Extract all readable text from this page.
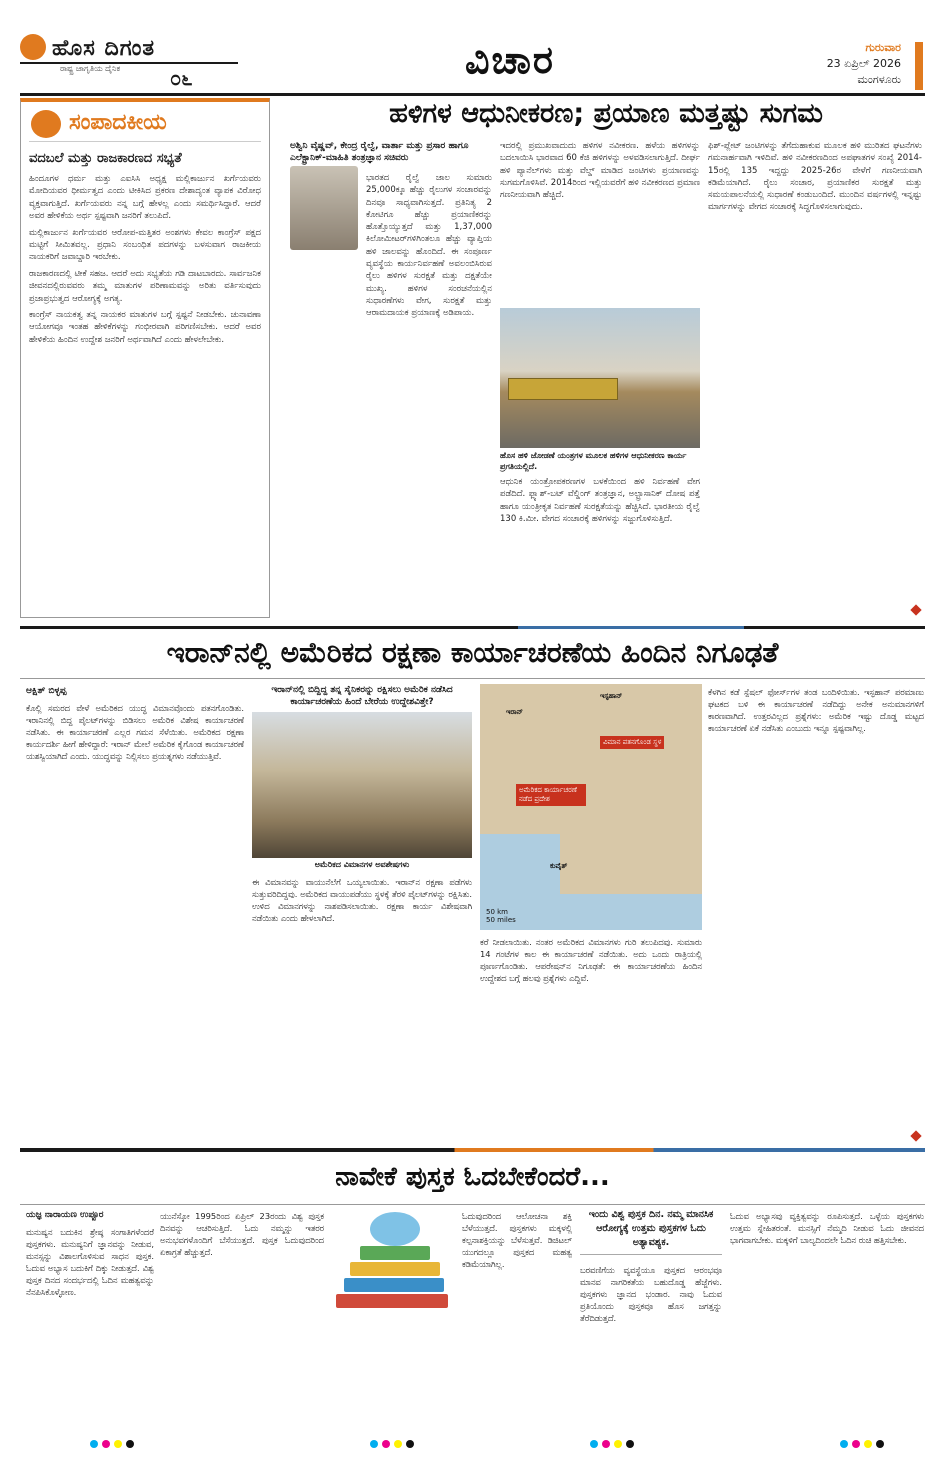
ಹೊಸ ದಿಗಂತ
ರಾಷ್ಟ್ರ ಜಾಗೃತಿಯ ದೈನಿಕ ೦೬	ವಿಚಾರ	ಗುರುವಾರ
23 ಏಪ್ರಿಲ್ 2026
ಮಂಗಳೂರು
ಸಂಪಾದಕೀಯ
ವದಬಲೆ ಮತ್ತು ರಾಜಕಾರಣದ ಸಭ್ಯತೆ

ಹಿಂದೂಗಳ ಧರ್ಮ ಮತ್ತು ಎಐಸಿಸಿ ಅಧ್ಯಕ್ಷ ಮಲ್ಲಿಕಾರ್ಜುನ ಖರ್ಗೆಯವರು ಮೋದಿಯವರ ಧೀರ್ಮತ್ವದ ಎಂದು ಟೀಕಿಸಿದ ಪ್ರಕರಣ ದೇಶಾದ್ಯಂತ ವ್ಯಾಪಕ ವಿರೋಧ ವ್ಯಕ್ತವಾಗುತ್ತಿದೆ. ಖರ್ಗೆಯವರು ನನ್ನ ಬಗ್ಗೆ ಹೇಳಲ್ಲ ಎಂದು ಸಮರ್ಥಿಸಿದ್ದಾರೆ. ಆದರೆ ಅವರ ಹೇಳಿಕೆಯ ಅರ್ಥ ಸ್ಪಷ್ಟವಾಗಿ ಜನರಿಗೆ ತಲುಪಿದೆ.

ಮಲ್ಲಿಕಾರ್ಜುನ ಖರ್ಗೆಯವರ ಆರೋಪ-ಮತ್ತಿತರ ಅಂಶಗಳು ಕೇವಲ ಕಾಂಗ್ರೆಸ್ ಪಕ್ಷದ ಮಟ್ಟಿಗೆ ಸೀಮಿತವಲ್ಲ. ಪ್ರಧಾನಿ ಸಂಬಂಧಿತ ಪದಗಳನ್ನು ಬಳಸುವಾಗ ರಾಜಕೀಯ ನಾಯಕರಿಗೆ ಜವಾಬ್ದಾರಿ ಇರಬೇಕು.

ರಾಜಕಾರಣದಲ್ಲಿ ಟೀಕೆ ಸಹಜ. ಆದರೆ ಅದು ಸಭ್ಯತೆಯ ಗಡಿ ದಾಟಬಾರದು. ಸಾರ್ವಜನಿಕ ಜೀವನದಲ್ಲಿರುವವರು ತಮ್ಮ ಮಾತುಗಳ ಪರಿಣಾಮವನ್ನು ಅರಿತು ವರ್ತಿಸುವುದು ಪ್ರಜಾಪ್ರಭುತ್ವದ ಆರೋಗ್ಯಕ್ಕೆ ಅಗತ್ಯ.

ಕಾಂಗ್ರೆಸ್ ನಾಯಕತ್ವ ತನ್ನ ನಾಯಕರ ಮಾತುಗಳ ಬಗ್ಗೆ ಸ್ಪಷ್ಟನೆ ನೀಡಬೇಕು. ಚುನಾವಣಾ ಆಯೋಗವೂ ಇಂತಹ ಹೇಳಿಕೆಗಳನ್ನು ಗಂಭೀರವಾಗಿ ಪರಿಗಣಿಸಬೇಕು. ಆದರೆ ಅವರ ಹೇಳಿಕೆಯ ಹಿಂದಿನ ಉದ್ದೇಶ ಜನರಿಗೆ ಅರ್ಥವಾಗಿದೆ ಎಂದು ಹೇಳಲೇಬೇಕು.

ಹಳಿಗಳ ಆಧುನೀಕರಣ; ಪ್ರಯಾಣ ಮತ್ತಷ್ಟು ಸುಗಮ
ಅಶ್ವಿನಿ ವೈಷ್ಣವ್, ಕೇಂದ್ರ ರೈಲ್ವೆ, ವಾರ್ತಾ ಮತ್ತು ಪ್ರಸಾರ ಹಾಗೂ ಎಲೆಕ್ಟ್ರಾನಿಕ್-ಮಾಹಿತಿ ತಂತ್ರಜ್ಞಾನ ಸಚಿವರು
ಭಾರತದ ರೈಲ್ವೆ ಜಾಲ ಸುಮಾರು 25,000ಕ್ಕೂ ಹೆಚ್ಚು ರೈಲುಗಳ ಸಂಚಾರವನ್ನು ದಿನವೂ ಸಾಧ್ಯವಾಗಿಸುತ್ತದೆ. ಪ್ರತಿನಿತ್ಯ 2 ಕೋಟಿಗೂ ಹೆಚ್ಚು ಪ್ರಯಾಣಿಕರನ್ನು ಹೊತ್ತೊಯ್ಯುತ್ತದೆ ಮತ್ತು 1,37,000 ಕಿಲೋಮೀಟರ್‌ಗಳಿಗಿಂತಲೂ ಹೆಚ್ಚು ವ್ಯಾಪ್ತಿಯ ಹಳಿ ಜಾಲವನ್ನು ಹೊಂದಿದೆ. ಈ ಸಂಪೂರ್ಣ ವ್ಯವಸ್ಥೆಯ ಕಾರ್ಯನಿರ್ವಹಣೆ ಅವಲಂಬಿಸಿರುವ ರೈಲು ಹಳಿಗಳ ಸುರಕ್ಷತೆ ಮತ್ತು ದಕ್ಷತೆಯೇ ಮುಖ್ಯ. ಹಳಿಗಳ ಸಂರಚನೆಯಲ್ಲಿನ ಸುಧಾರಣೆಗಳು ವೇಗ, ಸುರಕ್ಷತೆ ಮತ್ತು ಆರಾಮದಾಯಕ ಪ್ರಯಾಣಕ್ಕೆ ಅಡಿಪಾಯ.
ಇದರಲ್ಲಿ ಪ್ರಮುಖವಾದುದು ಹಳಿಗಳ ನವೀಕರಣ. ಹಳೆಯ ಹಳಿಗಳನ್ನು ಬದಲಾಯಿಸಿ ಭಾರವಾದ 60 ಕೆಜಿ ಹಳಿಗಳನ್ನು ಅಳವಡಿಸಲಾಗುತ್ತಿದೆ. ದೀರ್ಘ ಹಳಿ ಪ್ಯಾನೆಲ್‌ಗಳು ಮತ್ತು ವೆಲ್ಡ್ ಮಾಡಿದ ಜಂಟಿಗಳು ಪ್ರಯಾಣವನ್ನು ಸುಗಮಗೊಳಿಸಿವೆ. 2014ರಿಂದ ಇಲ್ಲಿಯವರೆಗೆ ಹಳಿ ನವೀಕರಣದ ಪ್ರಮಾಣ ಗಣನೀಯವಾಗಿ ಹೆಚ್ಚಿದೆ.
ಹೊಸ ಹಳಿ ಜೋಡಣೆ ಯಂತ್ರಗಳ ಮೂಲಕ ಹಳಿಗಳ ಆಧುನೀಕರಣ ಕಾರ್ಯ ಪ್ರಗತಿಯಲ್ಲಿದೆ.
ಆಧುನಿಕ ಯಂತ್ರೋಪಕರಣಗಳ ಬಳಕೆಯಿಂದ ಹಳಿ ನಿರ್ವಹಣೆ ವೇಗ ಪಡೆದಿದೆ. ಫ್ಲ್ಯಾಶ್-ಬಟ್ ವೆಲ್ಡಿಂಗ್ ತಂತ್ರಜ್ಞಾನ, ಅಲ್ಟ್ರಾಸಾನಿಕ್ ದೋಷ ಪತ್ತೆ ಹಾಗೂ ಯಂತ್ರೀಕೃತ ನಿರ್ವಹಣೆ ಸುರಕ್ಷತೆಯನ್ನು ಹೆಚ್ಚಿಸಿದೆ. ಭಾರತೀಯ ರೈಲ್ವೆ 130 ಕಿ.ಮೀ. ವೇಗದ ಸಂಚಾರಕ್ಕೆ ಹಳಿಗಳನ್ನು ಸಜ್ಜುಗೊಳಿಸುತ್ತಿದೆ.
ಫಿಶ್-ಪ್ಲೇಟ್ ಜಂಟಿಗಳನ್ನು ತೆಗೆದುಹಾಕುವ ಮೂಲಕ ಹಳಿ ಮುರಿತದ ಘಟನೆಗಳು ಗಮನಾರ್ಹವಾಗಿ ಇಳಿದಿವೆ. ಹಳಿ ನವೀಕರಣದಿಂದ ಅಪಘಾತಗಳ ಸಂಖ್ಯೆ 2014-15ರಲ್ಲಿ 135 ಇದ್ದದ್ದು 2025-26ರ ವೇಳೆಗೆ ಗಣನೀಯವಾಗಿ ಕಡಿಮೆಯಾಗಿದೆ. ರೈಲು ಸಂಚಾರ, ಪ್ರಯಾಣಿಕರ ಸುರಕ್ಷತೆ ಮತ್ತು ಸಮಯಪಾಲನೆಯಲ್ಲಿ ಸುಧಾರಣೆ ಕಂಡುಬಂದಿದೆ. ಮುಂದಿನ ವರ್ಷಗಳಲ್ಲಿ ಇನ್ನಷ್ಟು ಮಾರ್ಗಗಳನ್ನು ವೇಗದ ಸಂಚಾರಕ್ಕೆ ಸಿದ್ಧಗೊಳಿಸಲಾಗುವುದು.
ಇರಾನ್‌ನಲ್ಲಿ ಅಮೆರಿಕದ ರಕ್ಷಣಾ ಕಾರ್ಯಾಚರಣೆಯ ಹಿಂದಿನ ನಿಗೂಢತೆ
ಆಕ್ಷಿತ್ ಬಿಳ್ಳಪ್ಪ
ಕೊಲ್ಲಿ ಸಮರದ ವೇಳೆ ಅಮೆರಿಕದ ಯುದ್ಧ ವಿಮಾನವೊಂದು ಪತನಗೊಂಡಿತು. ಇರಾನಿನಲ್ಲಿ ಬಿದ್ದ ಪೈಲಟ್‌ಗಳನ್ನು ಬಿಡಿಸಲು ಅಮೆರಿಕ ವಿಶೇಷ ಕಾರ್ಯಾಚರಣೆ ನಡೆಸಿತು. ಈ ಕಾರ್ಯಾಚರಣೆ ಎಲ್ಲರ ಗಮನ ಸೆಳೆಯಿತು. ಅಮೆರಿಕದ ರಕ್ಷಣಾ ಕಾರ್ಯದರ್ಶಿ ಹೀಗೆ ಹೇಳಿದ್ದಾರೆ: ಇರಾನ್ ಮೇಲೆ ಅಮೆರಿಕ ಕೈಗೊಂಡ ಕಾರ್ಯಾಚರಣೆ ಯಶಸ್ವಿಯಾಗಿದೆ ಎಂದು. ಯುದ್ಧವನ್ನು ನಿಲ್ಲಿಸಲು ಪ್ರಯತ್ನಗಳು ನಡೆಯುತ್ತಿವೆ.
ಇರಾನ್‌ನಲ್ಲಿ ಬಿದ್ದಿದ್ದ ತನ್ನ ಸೈನಿಕರನ್ನು ರಕ್ಷಿಸಲು ಅಮೆರಿಕ ನಡೆಸಿದ ಕಾರ್ಯಾಚರಣೆಯ ಹಿಂದೆ ಬೇರೆಯ ಉದ್ದೇಶವಿತ್ತೇ?
ಅಮೆರಿಕದ ವಿಮಾನಗಳ ಅವಶೇಷಗಳು
ಈ ವಿಮಾನವನ್ನು ವಾಯುನೆಲೆಗೆ ಒಯ್ಯಲಾಯಿತು. ಇರಾನ್‌ನ ರಕ್ಷಣಾ ಪಡೆಗಳು ಸುತ್ತುವರಿದಿದ್ದವು. ಅಮೆರಿಕದ ವಾಯುಪಡೆಯು ಸ್ಥಳಕ್ಕೆ ತೆರಳಿ ಪೈಲಟ್‌ಗಳನ್ನು ರಕ್ಷಿಸಿತು. ಉಳಿದ ವಿಮಾನಗಳನ್ನು ನಾಶಪಡಿಸಲಾಯಿತು. ರಕ್ಷಣಾ ಕಾರ್ಯ ವಿಶೇಷವಾಗಿ ನಡೆಯಿತು ಎಂದು ಹೇಳಲಾಗಿದೆ.
ಇರಾನ್
ಇಸ್ಫಹಾನ್
ವಿಮಾನ ಪತನಗೊಂಡ ಸ್ಥಳ
ಅಮೆರಿಕದ ಕಾರ್ಯಾಚರಣೆ ನಡೆದ ಪ್ರದೇಶ
ಕುವೈತ್
50 km
50 miles
ಕರೆ ನೀಡಲಾಯಿತು. ನಂತರ ಅಮೆರಿಕದ ವಿಮಾನಗಳು ಗುರಿ ತಲುಪಿದವು. ಸುಮಾರು 14 ಗಂಟೆಗಳ ಕಾಲ ಈ ಕಾರ್ಯಾಚರಣೆ ನಡೆಯಿತು. ಅದು ಒಂದು ರಾತ್ರಿಯಲ್ಲಿ ಪೂರ್ಣಗೊಂಡಿತು. ಆಪರೇಷನ್‌ನ ನಿಗೂಢತೆ: ಈ ಕಾರ್ಯಾಚರಣೆಯ ಹಿಂದಿನ ಉದ್ದೇಶದ ಬಗ್ಗೆ ಹಲವು ಪ್ರಶ್ನೆಗಳು ಎದ್ದಿವೆ.
ಕೆಳಗಿನ ಕಡೆ ಸ್ಪೆಷಲ್ ಫೋರ್ಸ್‌ಗಳ ತಂಡ ಬಂದಿಳಿಯಿತು. ಇಸ್ಫಹಾನ್ ಪರಮಾಣು ಘಟಕದ ಬಳಿ ಈ ಕಾರ್ಯಾಚರಣೆ ನಡೆದಿದ್ದು ಅನೇಕ ಅನುಮಾನಗಳಿಗೆ ಕಾರಣವಾಗಿದೆ. ಉತ್ತರವಿಲ್ಲದ ಪ್ರಶ್ನೆಗಳು: ಅಮೆರಿಕ ಇಷ್ಟು ದೊಡ್ಡ ಮಟ್ಟದ ಕಾರ್ಯಾಚರಣೆ ಏಕೆ ನಡೆಸಿತು ಎಂಬುದು ಇನ್ನೂ ಸ್ಪಷ್ಟವಾಗಿಲ್ಲ.
ನಾವೇಕೆ ಪುಸ್ತಕ ಓದಬೇಕೆಂದರೆ...
ಯಜ್ಞ ನಾರಾಯಣ ಉಪ್ಪೂರ
ಮನುಷ್ಯನ ಬದುಕಿನ ಶ್ರೇಷ್ಠ ಸಂಗಾತಿಗಳೆಂದರೆ ಪುಸ್ತಕಗಳು. ಮನುಷ್ಯನಿಗೆ ಜ್ಞಾನವನ್ನು ನೀಡುವ, ಮನಸ್ಸನ್ನು ವಿಶಾಲಗೊಳಿಸುವ ಸಾಧನ ಪುಸ್ತಕ. ಓದುವ ಅಭ್ಯಾಸ ಬದುಕಿಗೆ ದಿಕ್ಕು ನೀಡುತ್ತದೆ. ವಿಶ್ವ ಪುಸ್ತಕ ದಿನದ ಸಂದರ್ಭದಲ್ಲಿ ಓದಿನ ಮಹತ್ವವನ್ನು ನೆನಪಿಸಿಕೊಳ್ಳೋಣ.
ಯುನೆಸ್ಕೋ 1995ರಿಂದ ಏಪ್ರಿಲ್ 23ರಂದು ವಿಶ್ವ ಪುಸ್ತಕ ದಿನವನ್ನು ಆಚರಿಸುತ್ತಿದೆ. ಓದು ನಮ್ಮನ್ನು ಇತರರ ಅನುಭವಗಳೊಂದಿಗೆ ಬೆಸೆಯುತ್ತದೆ. ಪುಸ್ತಕ ಓದುವುದರಿಂದ ಏಕಾಗ್ರತೆ ಹೆಚ್ಚುತ್ತದೆ.
ಓದುವುದರಿಂದ ಆಲೋಚನಾ ಶಕ್ತಿ ಬೆಳೆಯುತ್ತದೆ. ಪುಸ್ತಕಗಳು ಮಕ್ಕಳಲ್ಲಿ ಕಲ್ಪನಾಶಕ್ತಿಯನ್ನು ಬೆಳೆಸುತ್ತವೆ. ಡಿಜಿಟಲ್ ಯುಗದಲ್ಲೂ ಪುಸ್ತಕದ ಮಹತ್ವ ಕಡಿಮೆಯಾಗಿಲ್ಲ.
ಇಂದು ವಿಶ್ವ ಪುಸ್ತಕ ದಿನ. ನಮ್ಮ ಮಾನಸಿಕ ಆರೋಗ್ಯಕ್ಕೆ ಉತ್ತಮ ಪುಸ್ತಕಗಳ ಓದು ಅತ್ಯಾವಶ್ಯಕ.
ಬರವಣಿಗೆಯ ವ್ಯವಸ್ಥೆಯೂ ಪುಸ್ತಕದ ಆರಂಭವೂ ಮಾನವ ನಾಗರಿಕತೆಯ ಬಹುದೊಡ್ಡ ಹೆಜ್ಜೆಗಳು. ಪುಸ್ತಕಗಳು ಜ್ಞಾನದ ಭಂಡಾರ. ನಾವು ಓದುವ ಪ್ರತಿಯೊಂದು ಪುಸ್ತಕವೂ ಹೊಸ ಜಗತ್ತನ್ನು ತೆರೆದಿಡುತ್ತದೆ.
ಓದುವ ಅಭ್ಯಾಸವು ವ್ಯಕ್ತಿತ್ವವನ್ನು ರೂಪಿಸುತ್ತದೆ. ಒಳ್ಳೆಯ ಪುಸ್ತಕಗಳು ಉತ್ತಮ ಸ್ನೇಹಿತರಂತೆ. ಮನಸ್ಸಿಗೆ ನೆಮ್ಮದಿ ನೀಡುವ ಓದು ಜೀವನದ ಭಾಗವಾಗಬೇಕು. ಮಕ್ಕಳಿಗೆ ಬಾಲ್ಯದಿಂದಲೇ ಓದಿನ ರುಚಿ ಹತ್ತಿಸಬೇಕು.
